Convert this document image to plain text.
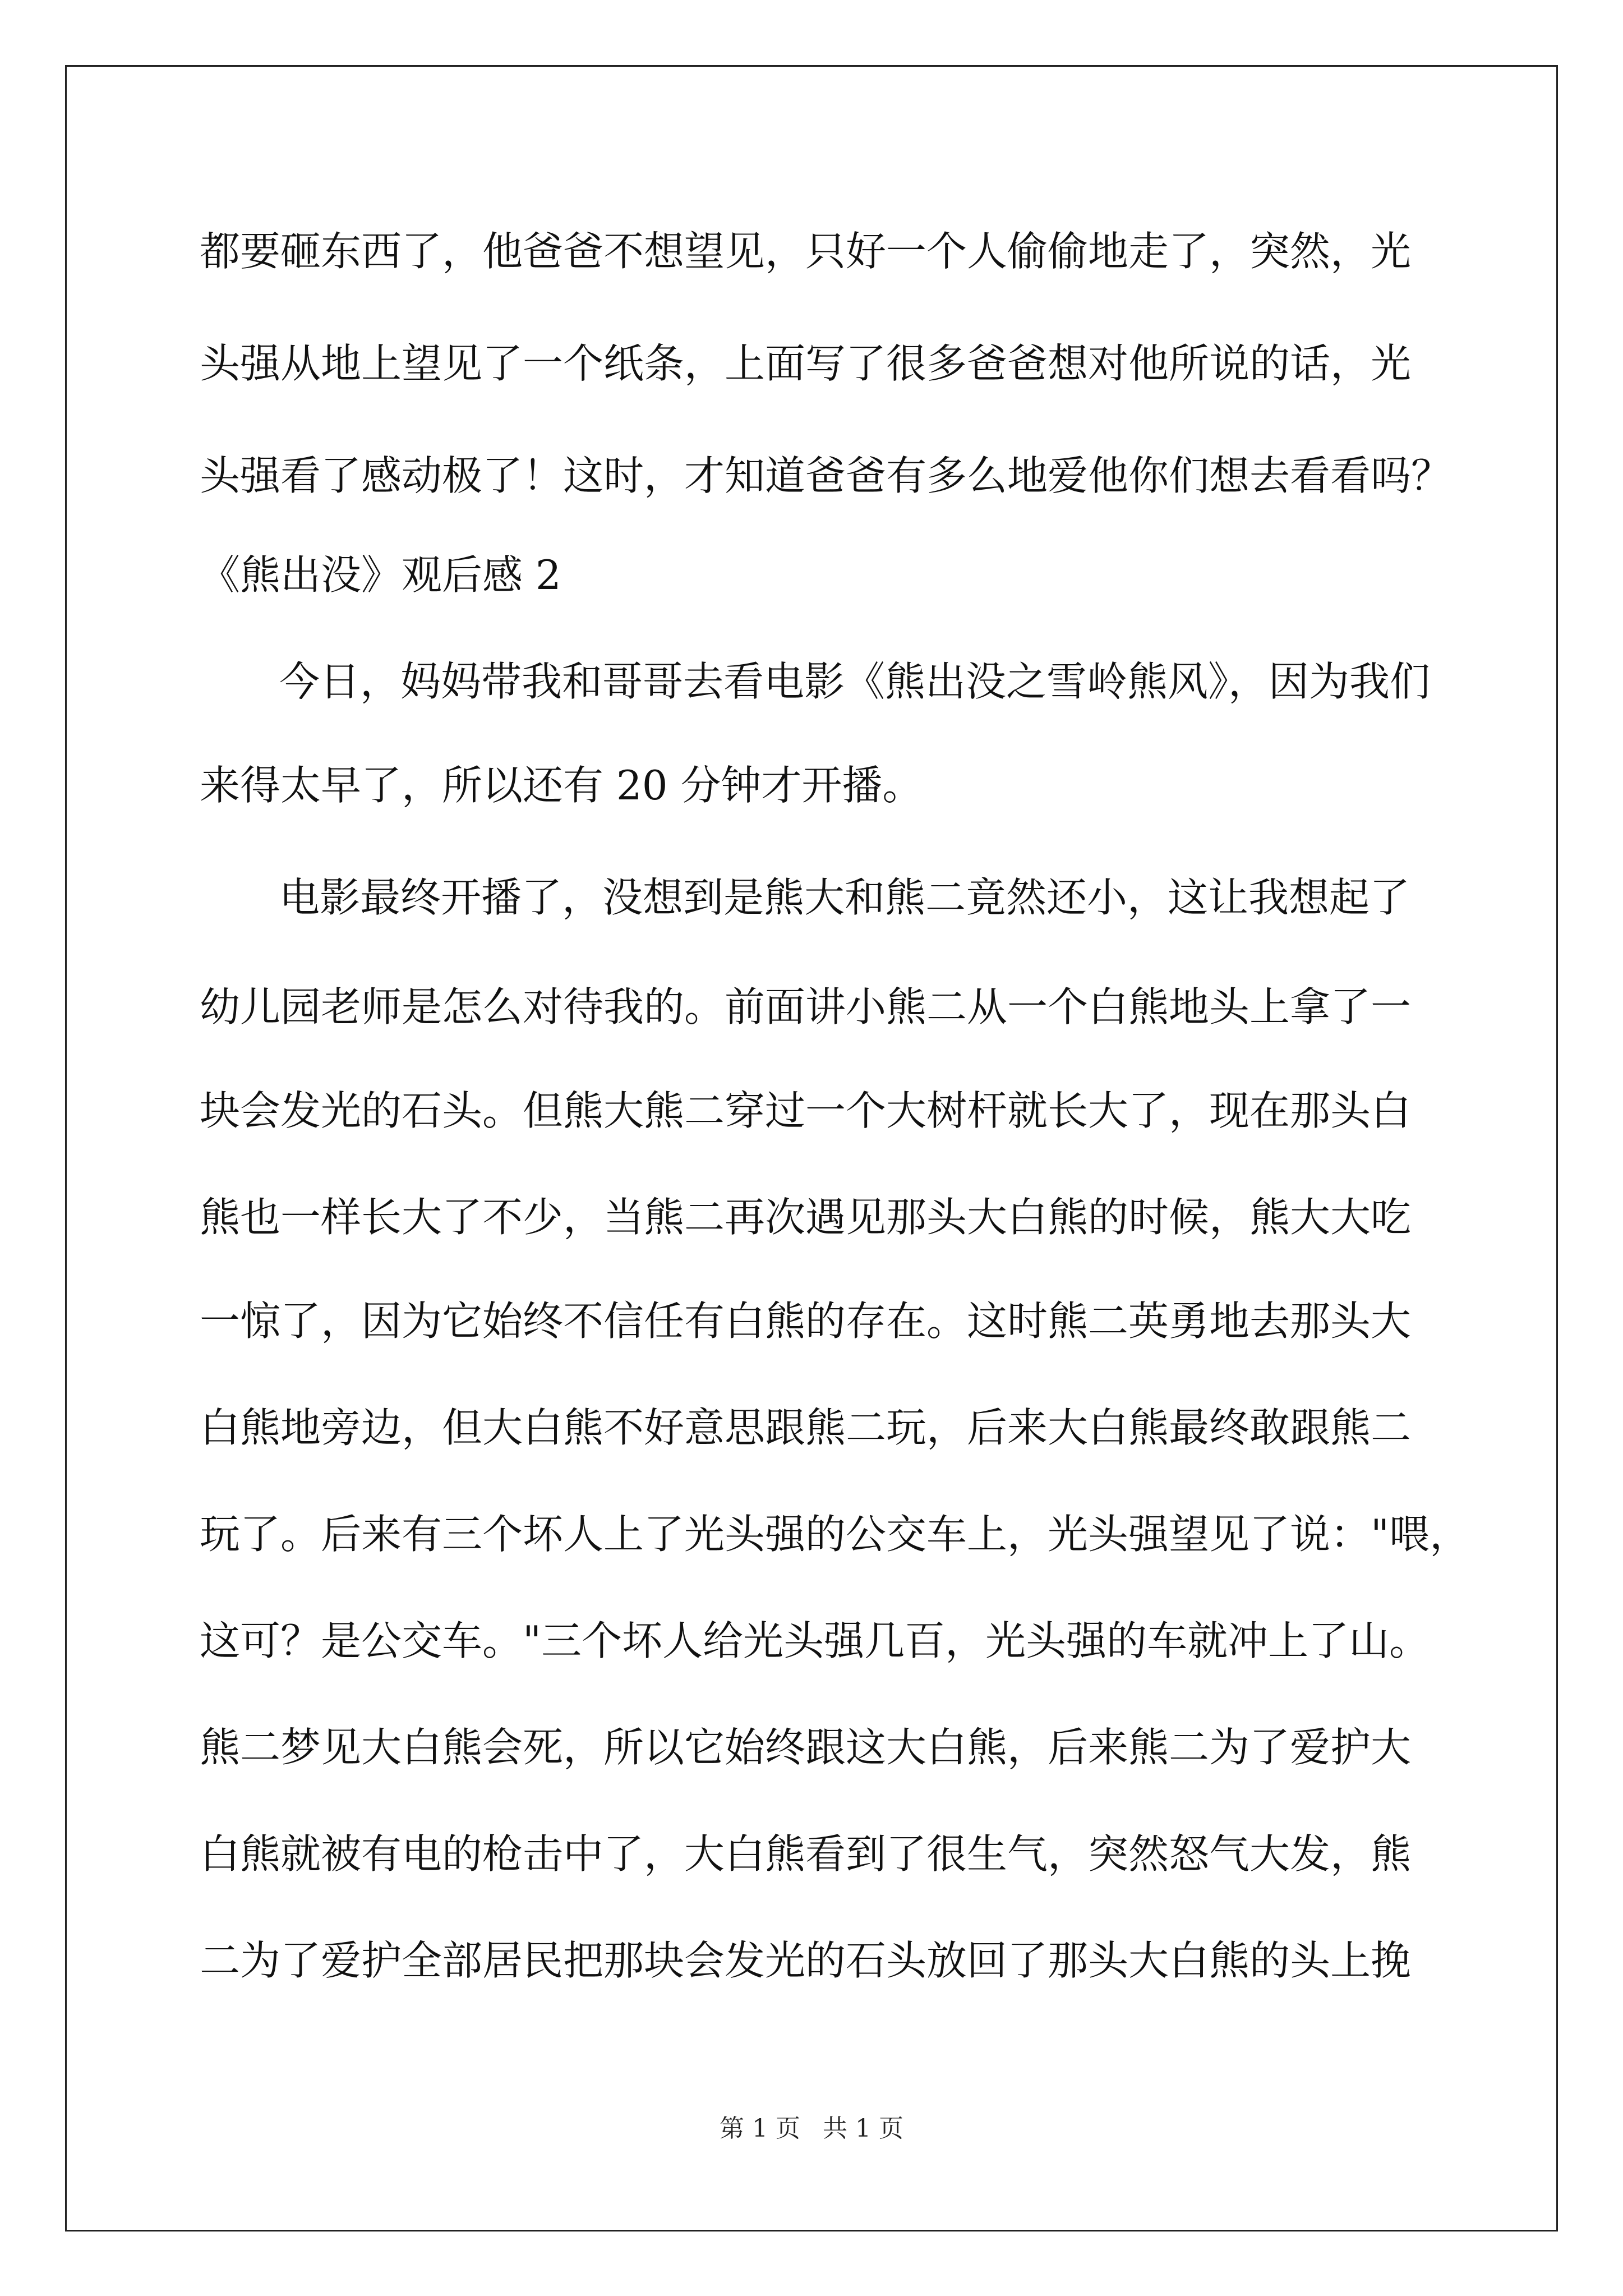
都要砸东西了，他爸爸不想望见，只好一个人偷偷地走了，突然，光
头强从地上望见了一个纸条，上面写了很多爸爸想对他所说的话，光
头强看了感动极了！这时，才知道爸爸有多么地爱他你们想去看看吗？
《熊出没》观后感 2
今日，妈妈带我和哥哥去看电影《熊出没之雪岭熊风》，因为我们
来得太早了，所以还有 20 分钟才开播。
电影最终开播了，没想到是熊大和熊二竟然还小，这让我想起了
幼儿园老师是怎么对待我的。前面讲小熊二从一个白熊地头上拿了一
块会发光的石头。但熊大熊二穿过一个大树杆就长大了，现在那头白
熊也一样长大了不少，当熊二再次遇见那头大白熊的时候，熊大大吃
一惊了，因为它始终不信任有白熊的存在。这时熊二英勇地去那头大
白熊地旁边，但大白熊不好意思跟熊二玩，后来大白熊最终敢跟熊二
玩了。后来有三个坏人上了光头强的公交车上，光头强望见了说："喂，
这可？是公交车。"三个坏人给光头强几百，光头强的车就冲上了山。
熊二梦见大白熊会死，所以它始终跟这大白熊，后来熊二为了爱护大
白熊就被有电的枪击中了，大白熊看到了很生气，突然怒气大发，熊
二为了爱护全部居民把那块会发光的石头放回了那头大白熊的头上挽
第 1 页 共 1 页
